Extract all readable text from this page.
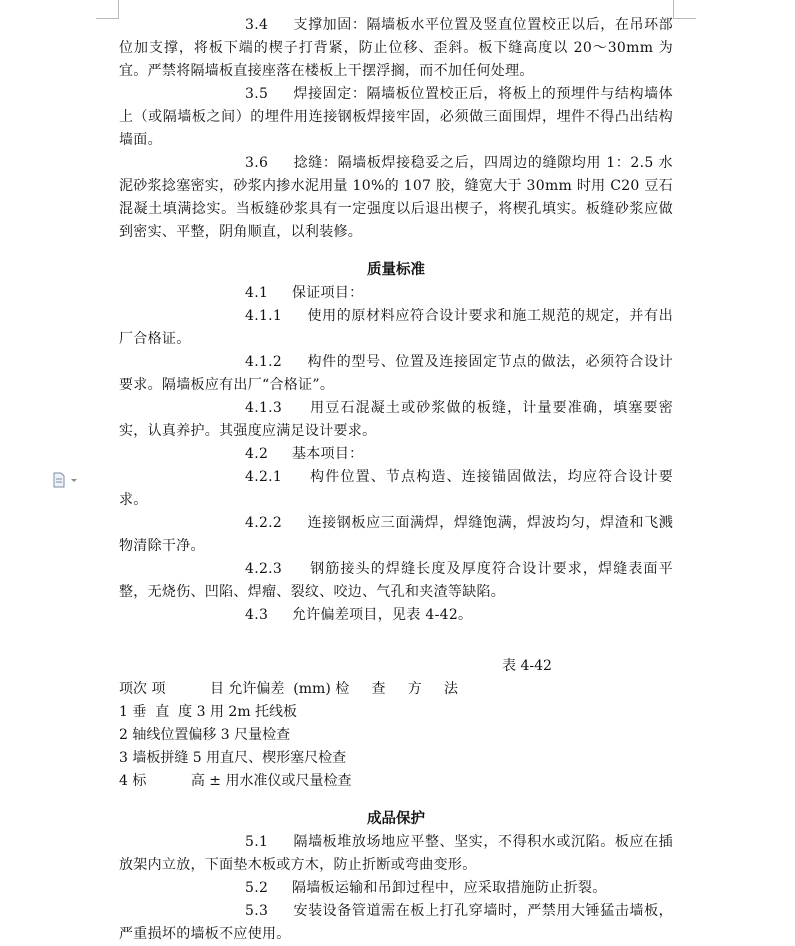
3.4 支撑加固：隔墙板水平位置及竖直位置校正以后，在吊环部位加支撑，将板下端的楔子打背紧，防止位移、歪斜。板下缝高度以 20～30mm 为宜。严禁将隔墙板直接座落在楼板上干摆浮搁，而不加任何处理。

3.5 焊接固定：隔墙板位置校正后，将板上的预埋件与结构墙体上（或隔墙板之间）的埋件用连接钢板焊接牢固，必须做三面围焊，埋件不得凸出结构墙面。

3.6 捻缝：隔墙板焊接稳妥之后，四周边的缝隙均用 1：2.5 水泥砂浆捻塞密实，砂浆内掺水泥用量 10%的 107 胶，缝宽大于 30mm 时用 C20 豆石混凝土填满捻实。当板缝砂浆具有一定强度以后退出楔子，将楔孔填实。板缝砂浆应做到密实、平整，阴角顺直，以利装修。

质量标准

4.1 保证项目：

4.1.1 使用的原材料应符合设计要求和施工规范的规定，并有出厂合格证。

4.1.2 构件的型号、位置及连接固定节点的做法，必须符合设计要求。隔墙板应有出厂“合格证”。

4.1.3 用豆石混凝土或砂浆做的板缝，计量要准确，填塞要密实，认真养护。其强度应满足设计要求。

4.2 基本项目：

4.2.1 构件位置、节点构造、连接锚固做法，均应符合设计要求。

4.2.2 连接钢板应三面满焊，焊缝饱满，焊波均匀，焊渣和飞溅物清除干净。

4.2.3 钢筋接头的焊缝长度及厚度符合设计要求，焊缝表面平整，无烧伤、凹陷、焊瘤、裂纹、咬边、气孔和夹渣等缺陷。

4.3 允许偏差项目，见表 4-42。

表 4-42

项次 项          目 允许偏差  (mm) 检     查     方     法

1 垂  直  度 3 用 2m 托线板

2 轴线位置偏移 3 尺量检查

3 墙板拼缝 5 用直尺、楔形塞尺检查

4 标          高 ± 用水准仪或尺量检查

成品保护

5.1 隔墙板堆放场地应平整、坚实，不得积水或沉陷。板应在插放架内立放，下面垫木板或方木，防止折断或弯曲变形。

5.2 隔墙板运输和吊卸过程中，应采取措施防止折裂。

5.3 安装设备管道需在板上打孔穿墙时，严禁用大锤猛击墙板，严重损坏的墙板不应使用。
